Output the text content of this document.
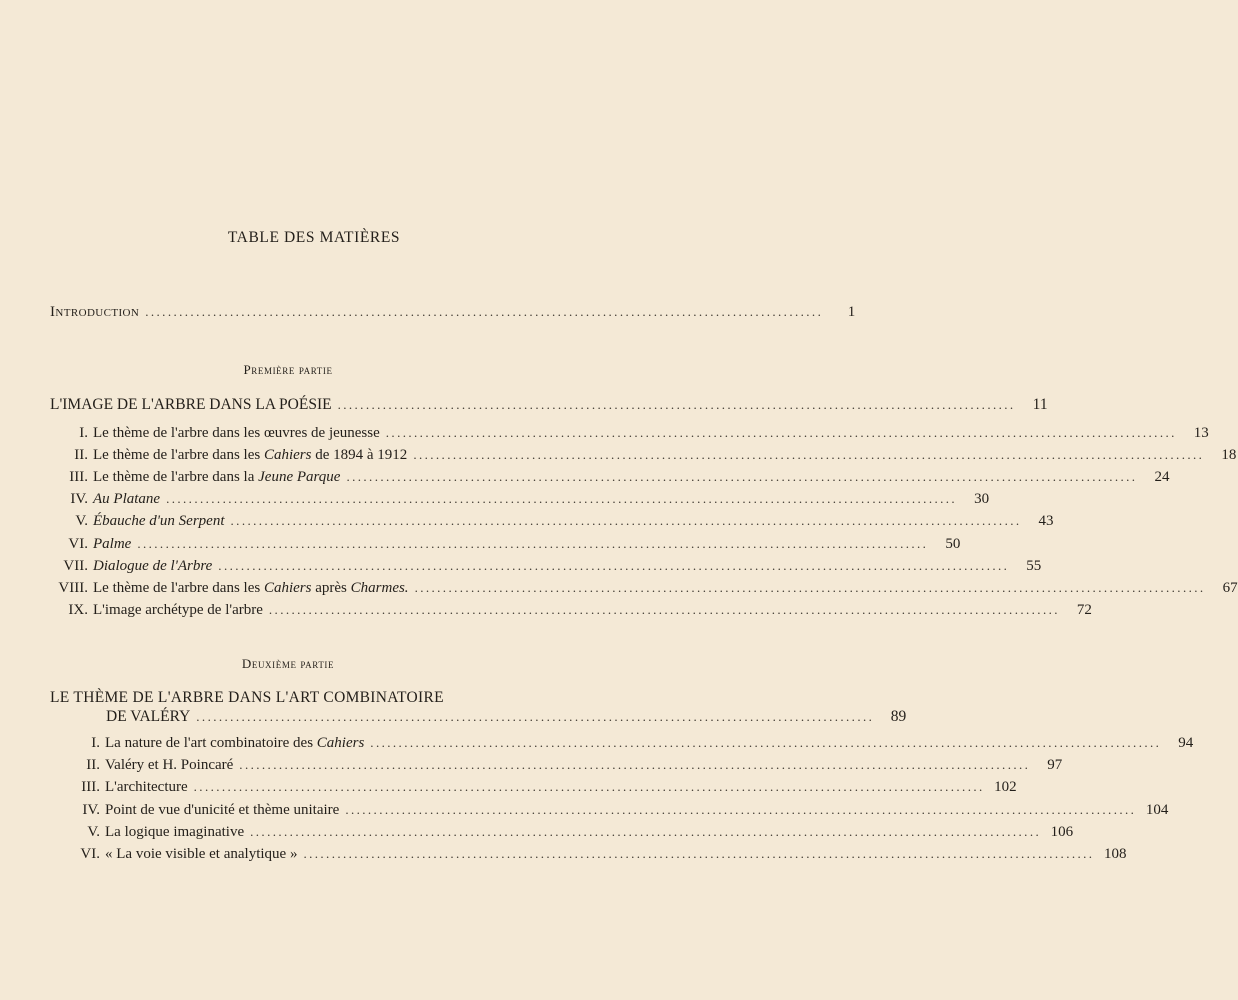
TABLE DES MATIÈRES
Introduction ........................................................................................................................	1
Première partie
L'IMAGE DE L'ARBRE DANS LA POÉSIE ........................................................................................................................	11
I. Le thème de l'arbre dans les œuvres de jeunesse ............................................................................................................................................	13
II. Le thème de l'arbre dans les Cahiers de 1894 à 1912 ............................................................................................................................................	18
III. Le thème de l'arbre dans la Jeune Parque ............................................................................................................................................	24
IV. Au Platane ............................................................................................................................................	30
V. Ébauche d'un Serpent ............................................................................................................................................	43
VI. Palme ............................................................................................................................................	50
VII. Dialogue de l'Arbre ............................................................................................................................................	55
VIII. Le thème de l'arbre dans les Cahiers après Charmes. ............................................................................................................................................	67
IX. L'image archétype de l'arbre ............................................................................................................................................	72
Deuxième partie
LE THÈME DE L'ARBRE DANS L'ART COMBINATOIRE
DE VALÉRY ........................................................................................................................	89
I. La nature de l'art combinatoire des Cahiers ............................................................................................................................................	94
II. Valéry et H. Poincaré ............................................................................................................................................	97
III. L'architecture ............................................................................................................................................ 102
IV. Point de vue d'unicité et thème unitaire ............................................................................................................................................ 104
V. La logique imaginative ............................................................................................................................................ 106
VI. « La voie visible et analytique » ............................................................................................................................................ 108
